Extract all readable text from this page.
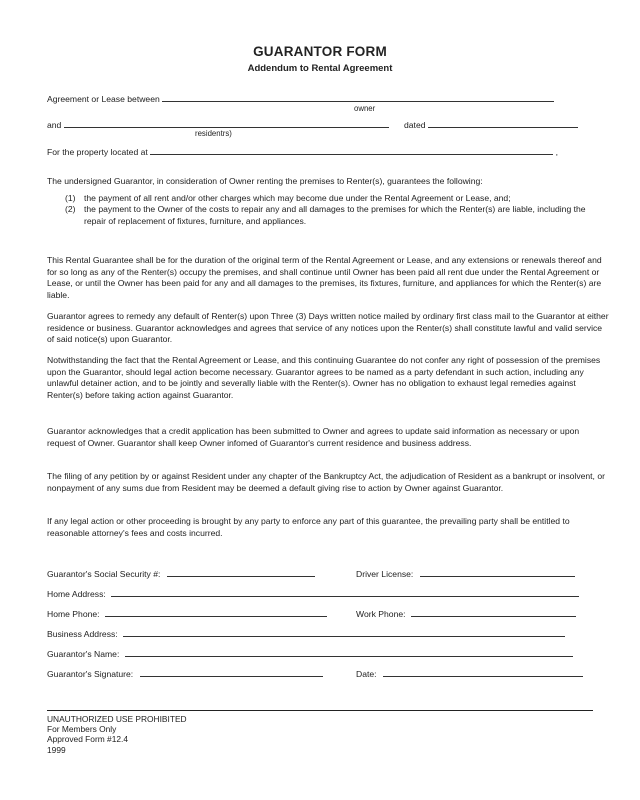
GUARANTOR FORM
Addendum to Rental Agreement
Agreement or Lease between
owner
and	dated
residentrs)
For the property located at	,
The undersigned Guarantor, in consideration of Owner renting the premises to Renter(s), guarantees the following:
(1) the payment of all rent and/or other charges which may become due under the Rental Agreement or Lease, and;
(2) the payment to the Owner of the costs to repair any and all damages to the premises for which the Renter(s) are liable, including the repair of replacement of fixtures, furniture, and appliances.
This Rental Guarantee shall be for the duration of the original term of the Rental Agreement or Lease, and any extensions or renewals thereof and for so long as any of the Renter(s) occupy the premises, and shall continue until Owner has been paid all rent due under the Rental Agreement or Lease, or until the Owner has been paid for any and all damages to the premises, its fixtures, furniture, and appliances for which the Renter(s) are liable.
Guarantor agrees to remedy any default of Renter(s) upon Three (3) Days written notice mailed by ordinary first class mail to the Guarantor at either residence or business. Guarantor acknowledges and agrees that service of any notices upon the Renter(s) shall constitute lawful and valid service of said notice(s) upon Guarantor.
Notwithstanding the fact that the Rental Agreement or Lease, and this continuing Guarantee do not confer any right of possession of the premises upon the Guarantor, should legal action become necessary. Guarantor agrees to be named as a party defendant in such action, including any unlawful detainer action, and to be jointly and severally liable with the Renter(s). Owner has no obligation to exhaust legal remedies against Renter(s) before taking action against Guarantor.
Guarantor acknowledges that a credit application has been submitted to Owner and agrees to update said information as necessary or upon request of Owner. Guarantor shall keep Owner infomed of Guarantor's current residence and business address.
The filing of any petition by or against Resident under any chapter of the Bankruptcy Act, the adjudication of Resident as a bankrupt or insolvent, or nonpayment of any sums due from Resident may be deemed a default giving rise to action by Owner against Guarantor.
If any legal action or other proceeding is brought by any party to enforce any part of this guarantee, the prevailing party shall be entitled to reasonable attorney's fees and costs incurred.
Guarantor's Social Security #:	Driver License:
Home Address:
Home Phone:	Work Phone:
Business Address:
Guarantor's Name:
Guarantor's Signature:	Date:
UNAUTHORIZED USE PROHIBITED
For Members Only
Approved Form #12.4
1999
